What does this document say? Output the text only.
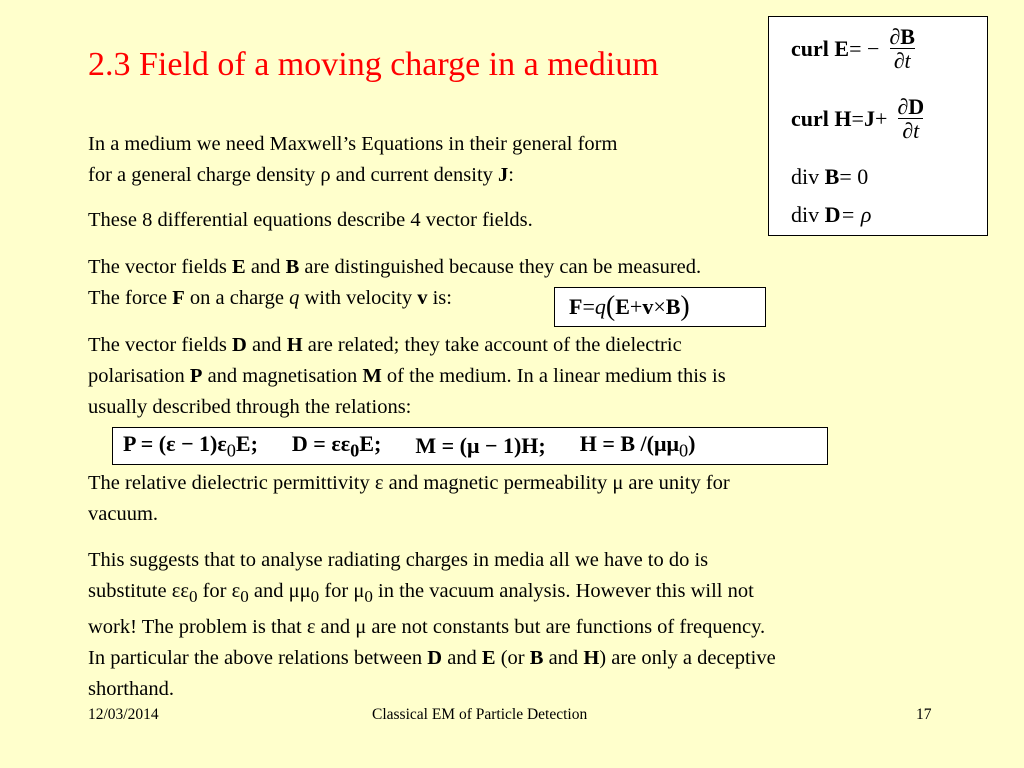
2.3 Field of a moving charge in a medium	curl
E = − $\frac{\partial B}{\partial t}$
curl
$H = J + \frac{\partial D}{\partial t}$
div
B = 0
div
D = ρ
In a medium we need Maxwell’s Equations in their general form
for a general charge density ρ and current density J:
These 8 differential equations describe 4 vector fields.
The vector fields E and B are distinguished because they can be measured.
The force F on a charge q with velocity v is:	F = q ( E + v × B )
The vector fields D and H are related; they take account of the dielectric
polarisation P and magnetisation M of the medium. In a linear medium this is
usually described through the relations:
$P = (\varepsilon - 1)\varepsilon_0E$; $D = \varepsilon\varepsilon_0E$; M = (μ − 1)H; H = B $/(\mu\mu_0)$
The relative dielectric permittivity ε and magnetic permeability μ are unity for
vacuum.
This suggests that to analyse radiating charges in media all we have to do is
substitute $\varepsilon\varepsilon_0$ for $\varepsilon_0$ and $\mu\mu_0$ for $\mu_0$ in the vacuum analysis. However this will not
work! The problem is that ε and μ are not constants but are functions of frequency.
In particular the above relations between D and E (or B and H) are only a deceptive
shorthand.
12/03/2014	Classical EM of Particle Detection	17
